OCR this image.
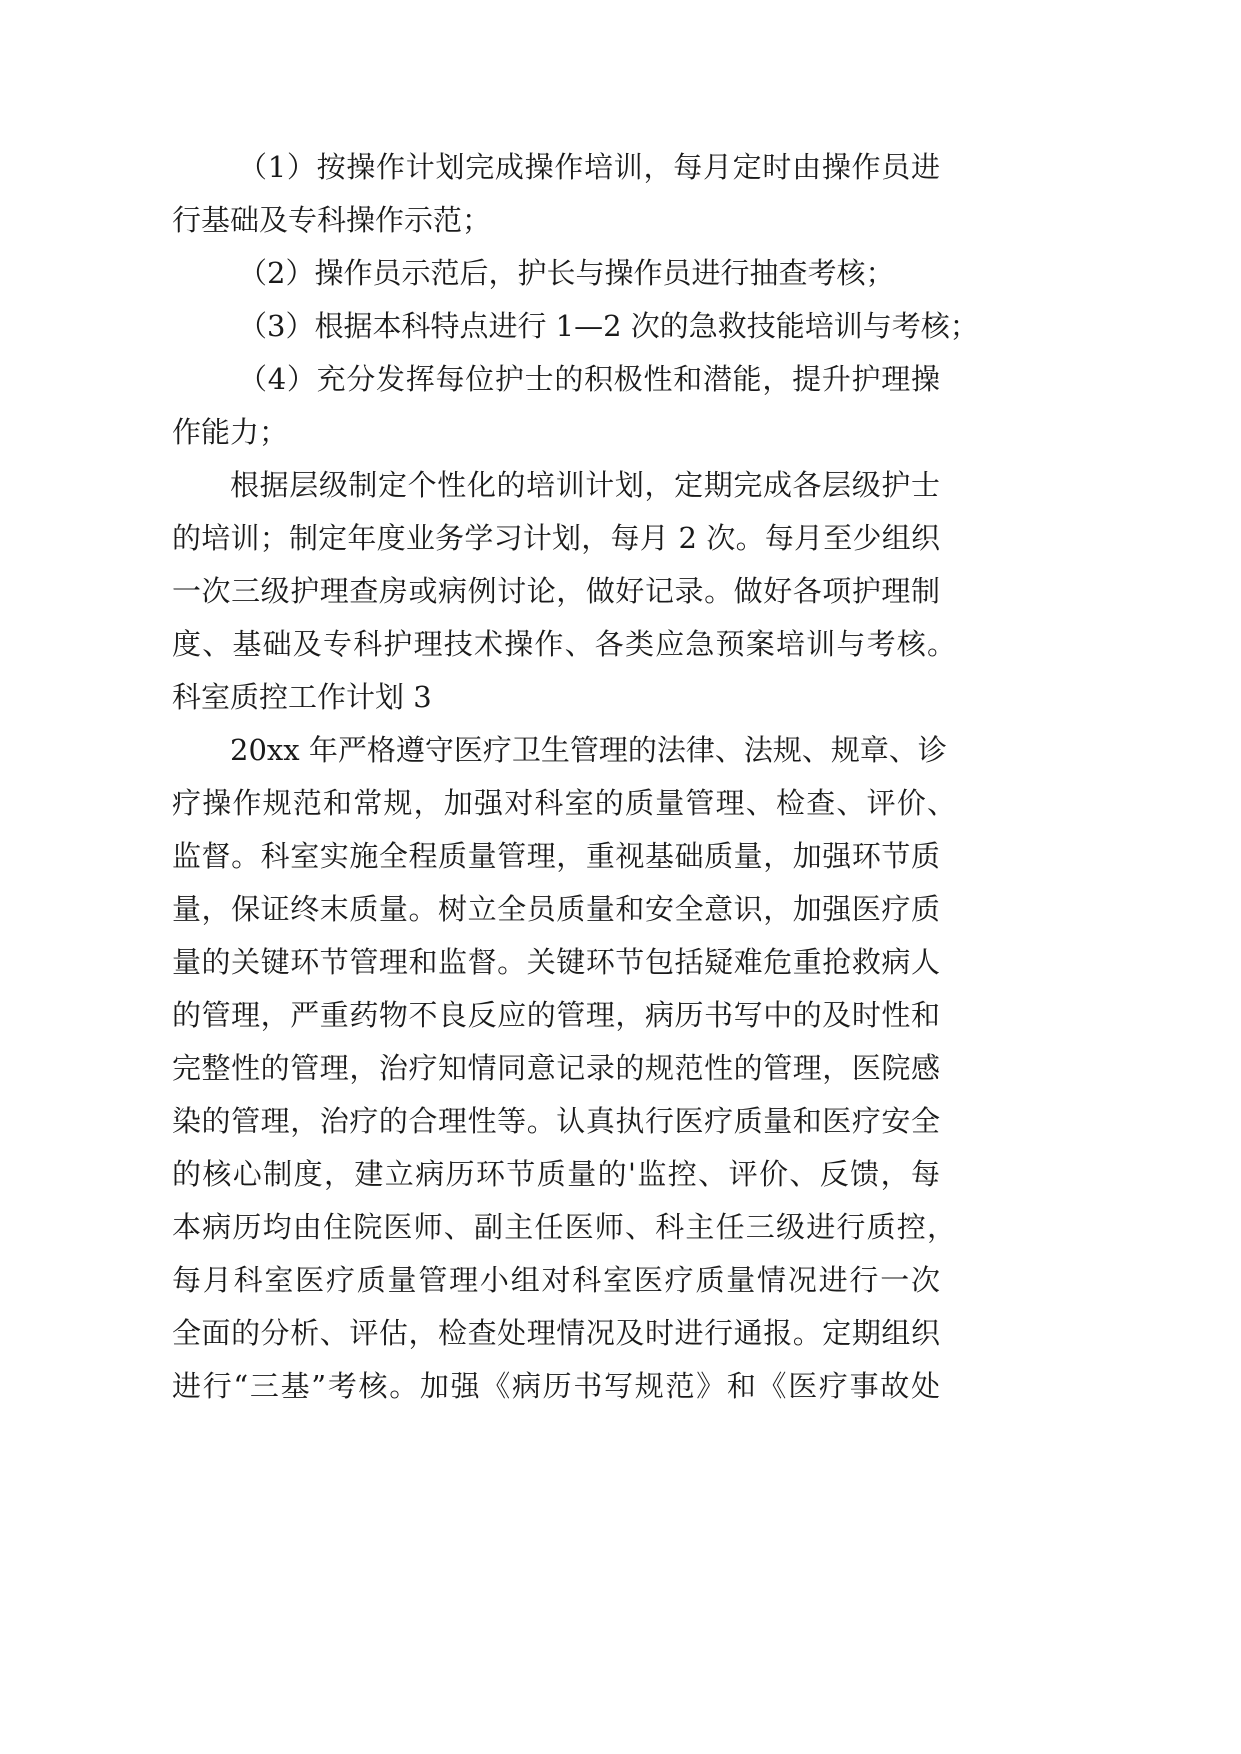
（1）按操作计划完成操作培训，每月定时由操作员进
行基础及专科操作示范；
（2）操作员示范后，护长与操作员进行抽查考核；
（3）根据本科特点进行 1—2 次的急救技能培训与考核；
（4）充分发挥每位护士的积极性和潜能，提升护理操
作能力；
根据层级制定个性化的培训计划，定期完成各层级护士
的培训；制定年度业务学习计划，每月 2 次。每月至少组织
一次三级护理查房或病例讨论，做好记录。做好各项护理制
度、基础及专科护理技术操作、各类应急预案培训与考核。
科室质控工作计划 3
20xx 年严格遵守医疗卫生管理的法律、法规、规章、诊
疗操作规范和常规，加强对科室的质量管理、检查、评价、
监督。科室实施全程质量管理，重视基础质量，加强环节质
量，保证终末质量。树立全员质量和安全意识，加强医疗质
量的关键环节管理和监督。关键环节包括疑难危重抢救病人
的管理，严重药物不良反应的管理，病历书写中的及时性和
完整性的管理，治疗知情同意记录的规范性的管理，医院感
染的管理，治疗的合理性等。认真执行医疗质量和医疗安全
的核心制度，建立病历环节质量的'监控、评价、反馈，每
本病历均由住院医师、副主任医师、科主任三级进行质控，
每月科室医疗质量管理小组对科室医疗质量情况进行一次
全面的分析、评估，检查处理情况及时进行通报。定期组织
进行“三基”考核。加强《病历书写规范》和《医疗事故处
